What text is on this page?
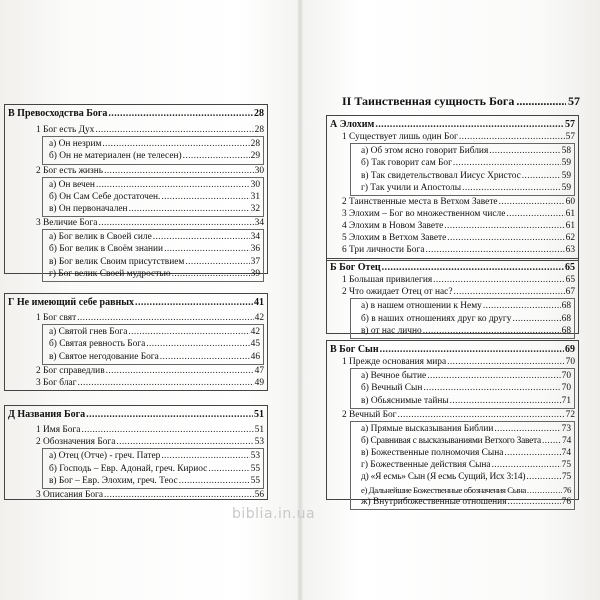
В Превосходства Бога .....	28
1 Бог есть Дух .....	28
а) Он незрим .....	28
б) Он не материален (не телесен) .....	29
2 Бог есть жизнь .....	30
а) Он вечен .....	30
б) Он Сам Себе достаточен. .....	31
в) Он первоначален .....	32
3 Величие Бога .....	34
а) Бог велик в Своей силе .....	34
б) Бог велик в Своём знании .....	36
в) Бог велик Своим присутствием .....	37
г) Бог велик Своей мудростью .....	39
Г Не имеющий себе равных .....	41
1 Бог свят .....	42
а) Святой гнев Бога .....	42
б) Святая ревность Бога .....	45
в) Святое негодование Бога .....	46
2 Бог справедлив .....	47
3 Бог благ .....	49
Д Названия Бога .....	51
1 Имя Бога .....	51
2 Обозначения Бога .....	53
а) Отец (Отче) - греч. Патер .....	53
б) Господь – Евр. Адонай, греч. Кириос .....	55
в) Бог – Евр. Элохим, греч. Теос .....	55
3 Описания Бога .....	56
II Таинственная сущность Бога .....	57
А Элохим .....	57
1 Существует лишь один Бог .....	57
а) Об этом ясно говорит Библия .....	58
б) Так говорит сам Бог .....	59
в) Так свидетельствовал Иисус Христос .....	59
г) Так учили и Апостолы .....	59
2 Таинственные места в Ветхом Завете .....	60
3 Элохим – Бог во множественном числе .....	61
4 Элохим в Новом Завете .....	61
5 Элохим в Ветхом Завете .....	62
6 Три личности Бога .....	63
Б Бог Отец .....	65
1 Большая привилегия .....	65
2 Что ожидает Отец от нас? .....	67
а) в нашем отношении к Нему .....	68
б) в наших отношениях друг ко другу .....	68
в) от нас лично .....	68
В Бог Сын .....	69
1 Прежде основания мира .....	70
а) Вечное бытие .....	70
б) Вечный Сын .....	70
в) Обьяснимые тайны .....	71
2 Вечный Бог .....	72
а) Прямые высказывания Библии .....	73
б) Сравнивая с высказываниями Ветхого Завета ..... 74
в) Божественные полномочия Сына .....	74
г) Божественные действия Сына .....	75
д) «Я есмь» Сын (Я есмь Сущий, Исх 3:14) .....	75
е) Дальнейшие Божественные обозначения Сына .....	76
ж) Внутрибожественные отношения .....	76
biblia.in.ua
